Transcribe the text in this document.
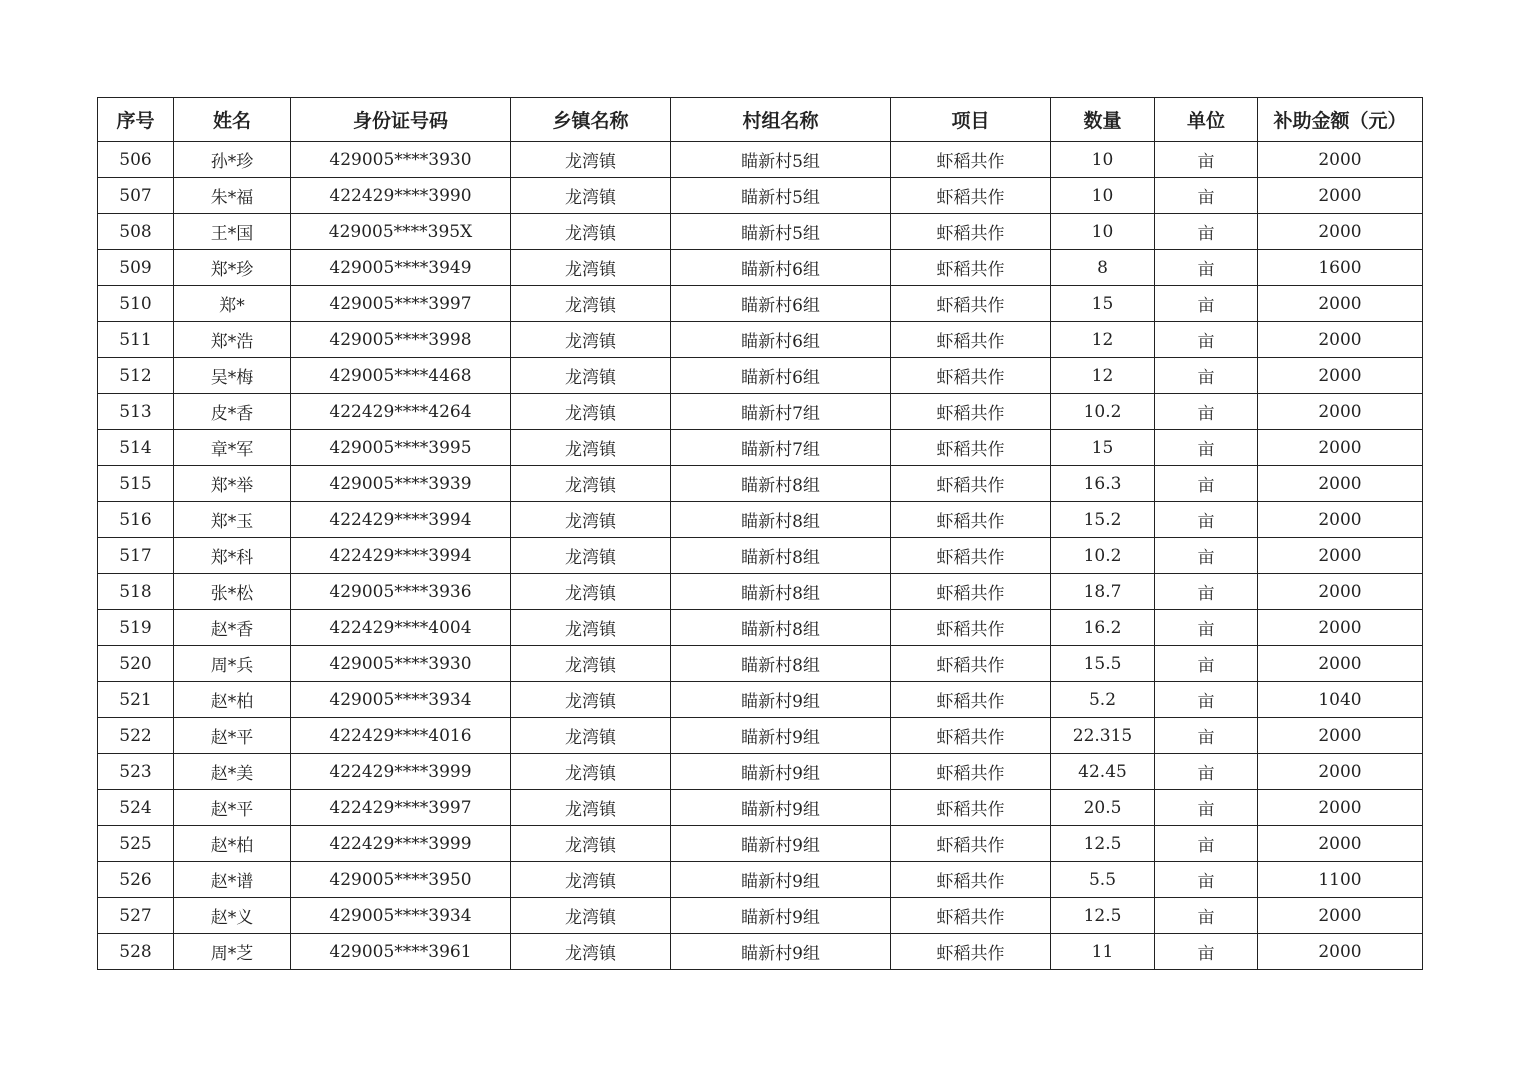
序号	姓名	身份证号码	乡镇名称	村组名称	项目	数量	单位	补助金额（元）
506	孙*珍	429005****3930	龙湾镇	瞄新村5组	虾稻共作	10	亩	2000
507	朱*福	422429****3990	龙湾镇	瞄新村5组	虾稻共作	10	亩	2000
508	王*国	429005****395X	龙湾镇	瞄新村5组	虾稻共作	10	亩	2000
509	郑*珍	429005****3949	龙湾镇	瞄新村6组	虾稻共作	8	亩	1600
510	郑*	429005****3997	龙湾镇	瞄新村6组	虾稻共作	15	亩	2000
511	郑*浩	429005****3998	龙湾镇	瞄新村6组	虾稻共作	12	亩	2000
512	吴*梅	429005****4468	龙湾镇	瞄新村6组	虾稻共作	12	亩	2000
513	皮*香	422429****4264	龙湾镇	瞄新村7组	虾稻共作	10.2	亩	2000
514	章*军	429005****3995	龙湾镇	瞄新村7组	虾稻共作	15	亩	2000
515	郑*举	429005****3939	龙湾镇	瞄新村8组	虾稻共作	16.3	亩	2000
516	郑*玉	422429****3994	龙湾镇	瞄新村8组	虾稻共作	15.2	亩	2000
517	郑*科	422429****3994	龙湾镇	瞄新村8组	虾稻共作	10.2	亩	2000
518	张*松	429005****3936	龙湾镇	瞄新村8组	虾稻共作	18.7	亩	2000
519	赵*香	422429****4004	龙湾镇	瞄新村8组	虾稻共作	16.2	亩	2000
520	周*兵	429005****3930	龙湾镇	瞄新村8组	虾稻共作	15.5	亩	2000
521	赵*柏	429005****3934	龙湾镇	瞄新村9组	虾稻共作	5.2	亩	1040
522	赵*平	422429****4016	龙湾镇	瞄新村9组	虾稻共作	22.315	亩	2000
523	赵*美	422429****3999	龙湾镇	瞄新村9组	虾稻共作	42.45	亩	2000
524	赵*平	422429****3997	龙湾镇	瞄新村9组	虾稻共作	20.5	亩	2000
525	赵*柏	422429****3999	龙湾镇	瞄新村9组	虾稻共作	12.5	亩	2000
526	赵*谱	429005****3950	龙湾镇	瞄新村9组	虾稻共作	5.5	亩	1100
527	赵*义	429005****3934	龙湾镇	瞄新村9组	虾稻共作	12.5	亩	2000
528	周*芝	429005****3961	龙湾镇	瞄新村9组	虾稻共作	11	亩	2000
